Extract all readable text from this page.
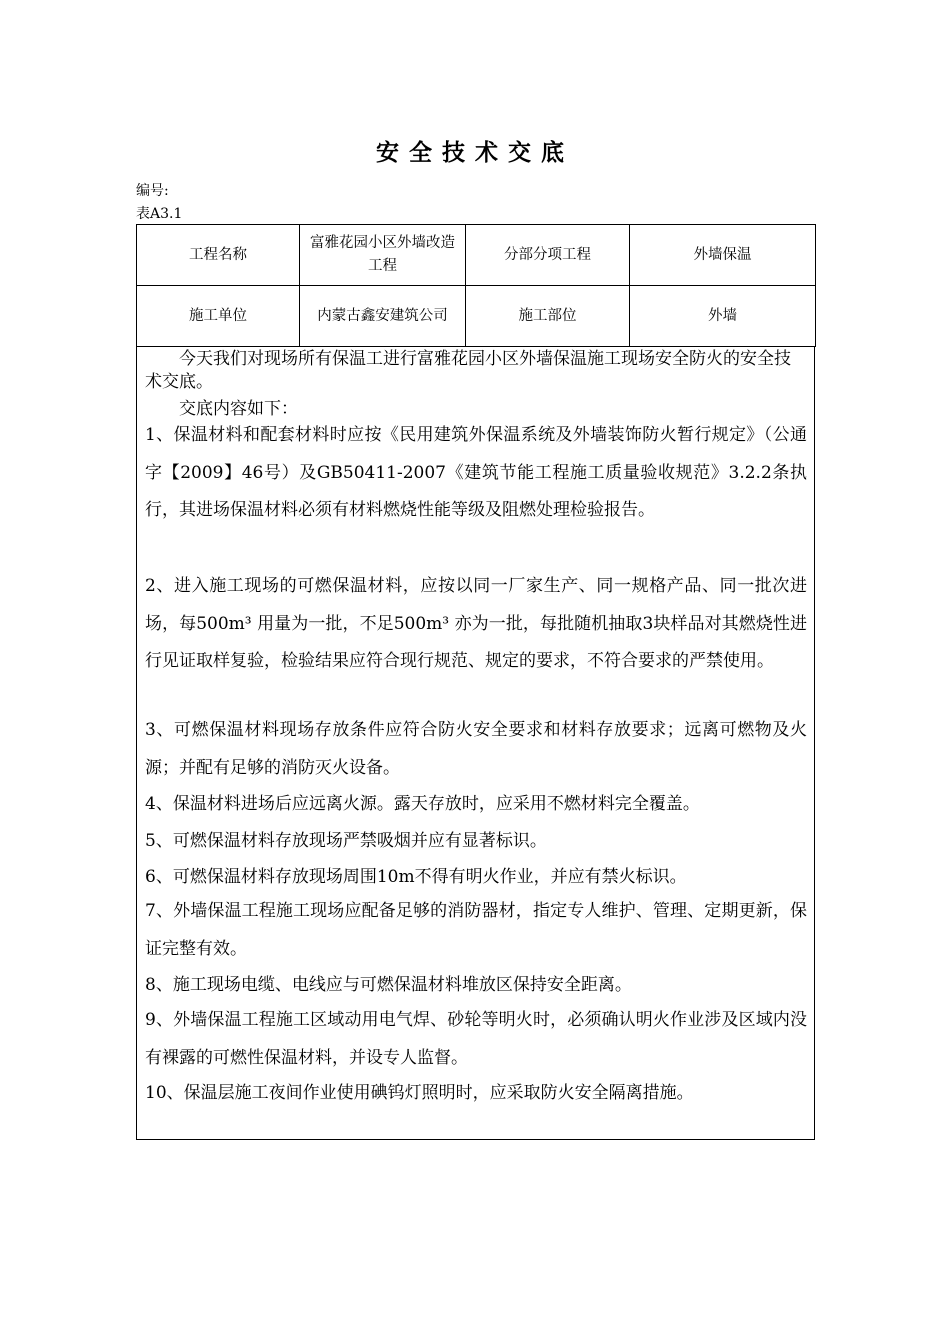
安全技术交底
编号:
表A3.1
工程名称	富雅花园小区外墙改造工程	分部分项工程	外墙保温
施工单位	内蒙古鑫安建筑公司	施工部位	外墙
今天我们对现场所有保温工进行富雅花园小区外墙保温施工现场安全防火的安全技术交底。
交底内容如下：
1、保温材料和配套材料时应按《民用建筑外保温系统及外墙装饰防火暂行规定》（公通字【2009】46号）及GB50411-2007《建筑节能工程施工质量验收规范》3.2.2条执行，其进场保温材料必须有材料燃烧性能等级及阻燃处理检验报告。
2、进入施工现场的可燃保温材料，应按以同一厂家生产、同一规格产品、同一批次进场，每500m³ 用量为一批，不足500m³ 亦为一批，每批随机抽取3块样品对其燃烧性进行见证取样复验，检验结果应符合现行规范、规定的要求，不符合要求的严禁使用。
3、可燃保温材料现场存放条件应符合防火安全要求和材料存放要求；远离可燃物及火源；并配有足够的消防灭火设备。
4、保温材料进场后应远离火源。露天存放时，应采用不燃材料完全覆盖。
5、可燃保温材料存放现场严禁吸烟并应有显著标识。
6、可燃保温材料存放现场周围10m不得有明火作业，并应有禁火标识。
7、外墙保温工程施工现场应配备足够的消防器材，指定专人维护、管理、定期更新，保证完整有效。
8、施工现场电缆、电线应与可燃保温材料堆放区保持安全距离。
9、外墙保温工程施工区域动用电气焊、砂轮等明火时，必须确认明火作业涉及区域内没有裸露的可燃性保温材料，并设专人监督。
10、保温层施工夜间作业使用碘钨灯照明时，应采取防火安全隔离措施。
